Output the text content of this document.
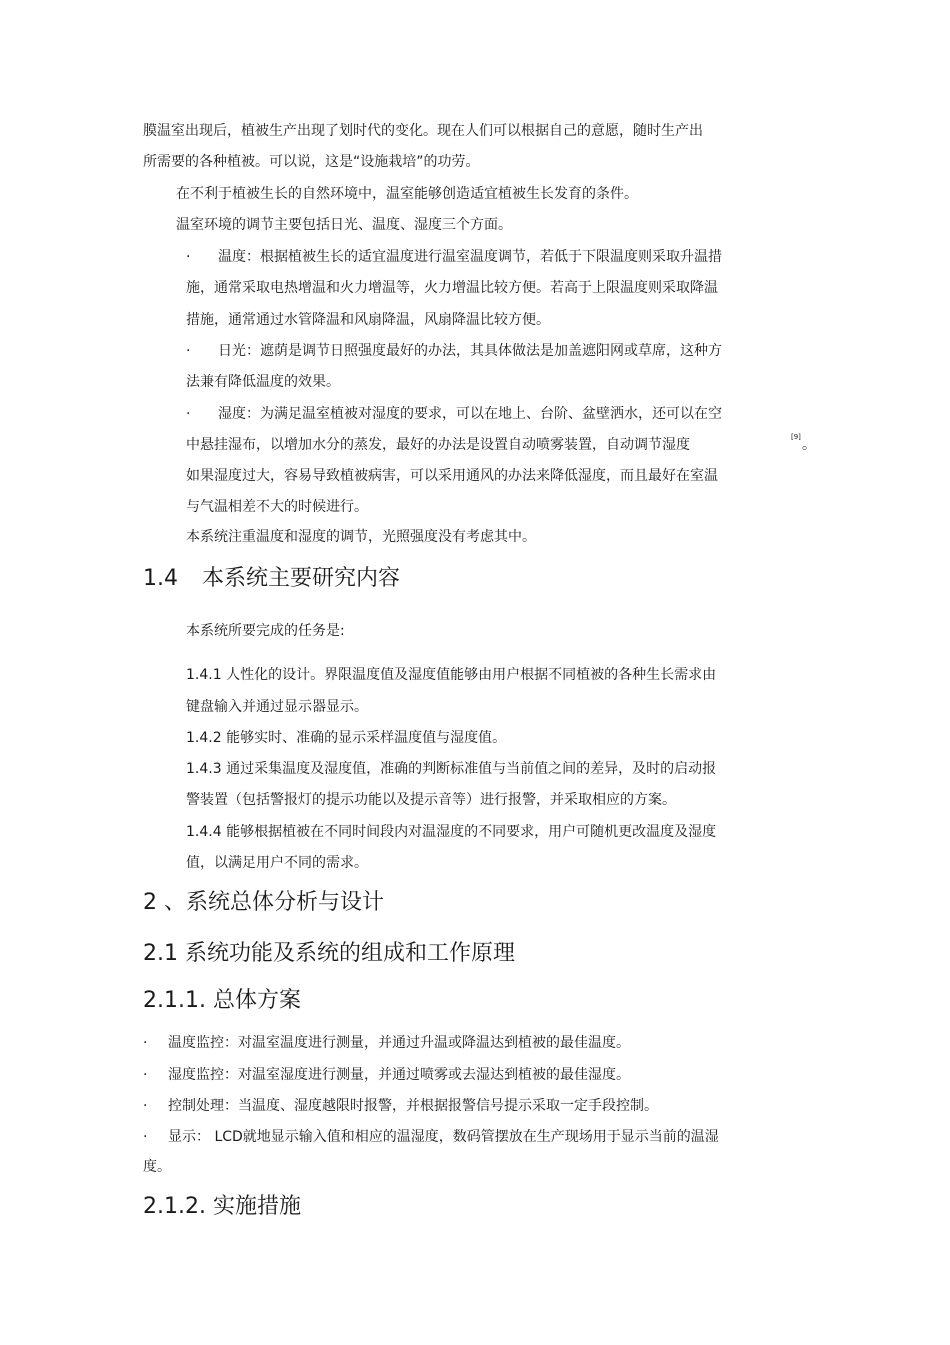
膜温室出现后，植被生产出现了划时代的变化。现在人们可以根据自己的意愿，随时生产出
所需要的各种植被。可以说，这是“设施栽培”的功劳。
在不利于植被生长的自然环境中，温室能够创造适宜植被生长发育的条件。
温室环境的调节主要包括日光、温度、湿度三个方面。
· 温度：根据植被生长的适宜温度进行温室温度调节，若低于下限温度则采取升温措
施，通常采取电热增温和火力增温等，火力增温比较方便。若高于上限温度则采取降温
措施，通常通过水管降温和风扇降温，风扇降温比较方便。
· 日光：遮荫是调节日照强度最好的办法，其具体做法是加盖遮阳网或草席，这种方
法兼有降低温度的效果。
· 湿度：为满足温室植被对湿度的要求，可以在地上、台阶、盆壁洒水，还可以在空
中悬挂湿布，以增加水分的蒸发，最好的办法是设置自动喷雾装置，自动调节湿度	[9] 。
如果湿度过大，容易导致植被病害，可以采用通风的办法来降低湿度，而且最好在室温
与气温相差不大的时候进行。
本系统注重温度和湿度的调节，光照强度没有考虑其中。
1.4 本系统主要研究内容
本系统所要完成的任务是:
1.4.1 人性化的设计。界限温度值及湿度值能够由用户根据不同植被的各种生长需求由
键盘输入并通过显示器显示。
1.4.2 能够实时、准确的显示采样温度值与湿度值。
1.4.3 通过采集温度及湿度值，准确的判断标准值与当前值之间的差异，及时的启动报
警装置（包括警报灯的提示功能以及提示音等）进行报警，并采取相应的方案。
1.4.4 能够根据植被在不同时间段内对温湿度的不同要求，用户可随机更改温度及湿度
值，以满足用户不同的需求。
2 、系统总体分析与设计
2.1 系统功能及系统的组成和工作原理
2.1.1. 总体方案
· 温度监控：对温室温度进行测量，并通过升温或降温达到植被的最佳温度。
· 湿度监控：对温室湿度进行测量，并通过喷雾或去湿达到植被的最佳湿度。
· 控制处理：当温度、湿度越限时报警，并根据报警信号提示采取一定手段控制。
· 显示： LCD就地显示输入值和相应的温湿度，数码管摆放在生产现场用于显示当前的温湿
度。
2.1.2. 实施措施
